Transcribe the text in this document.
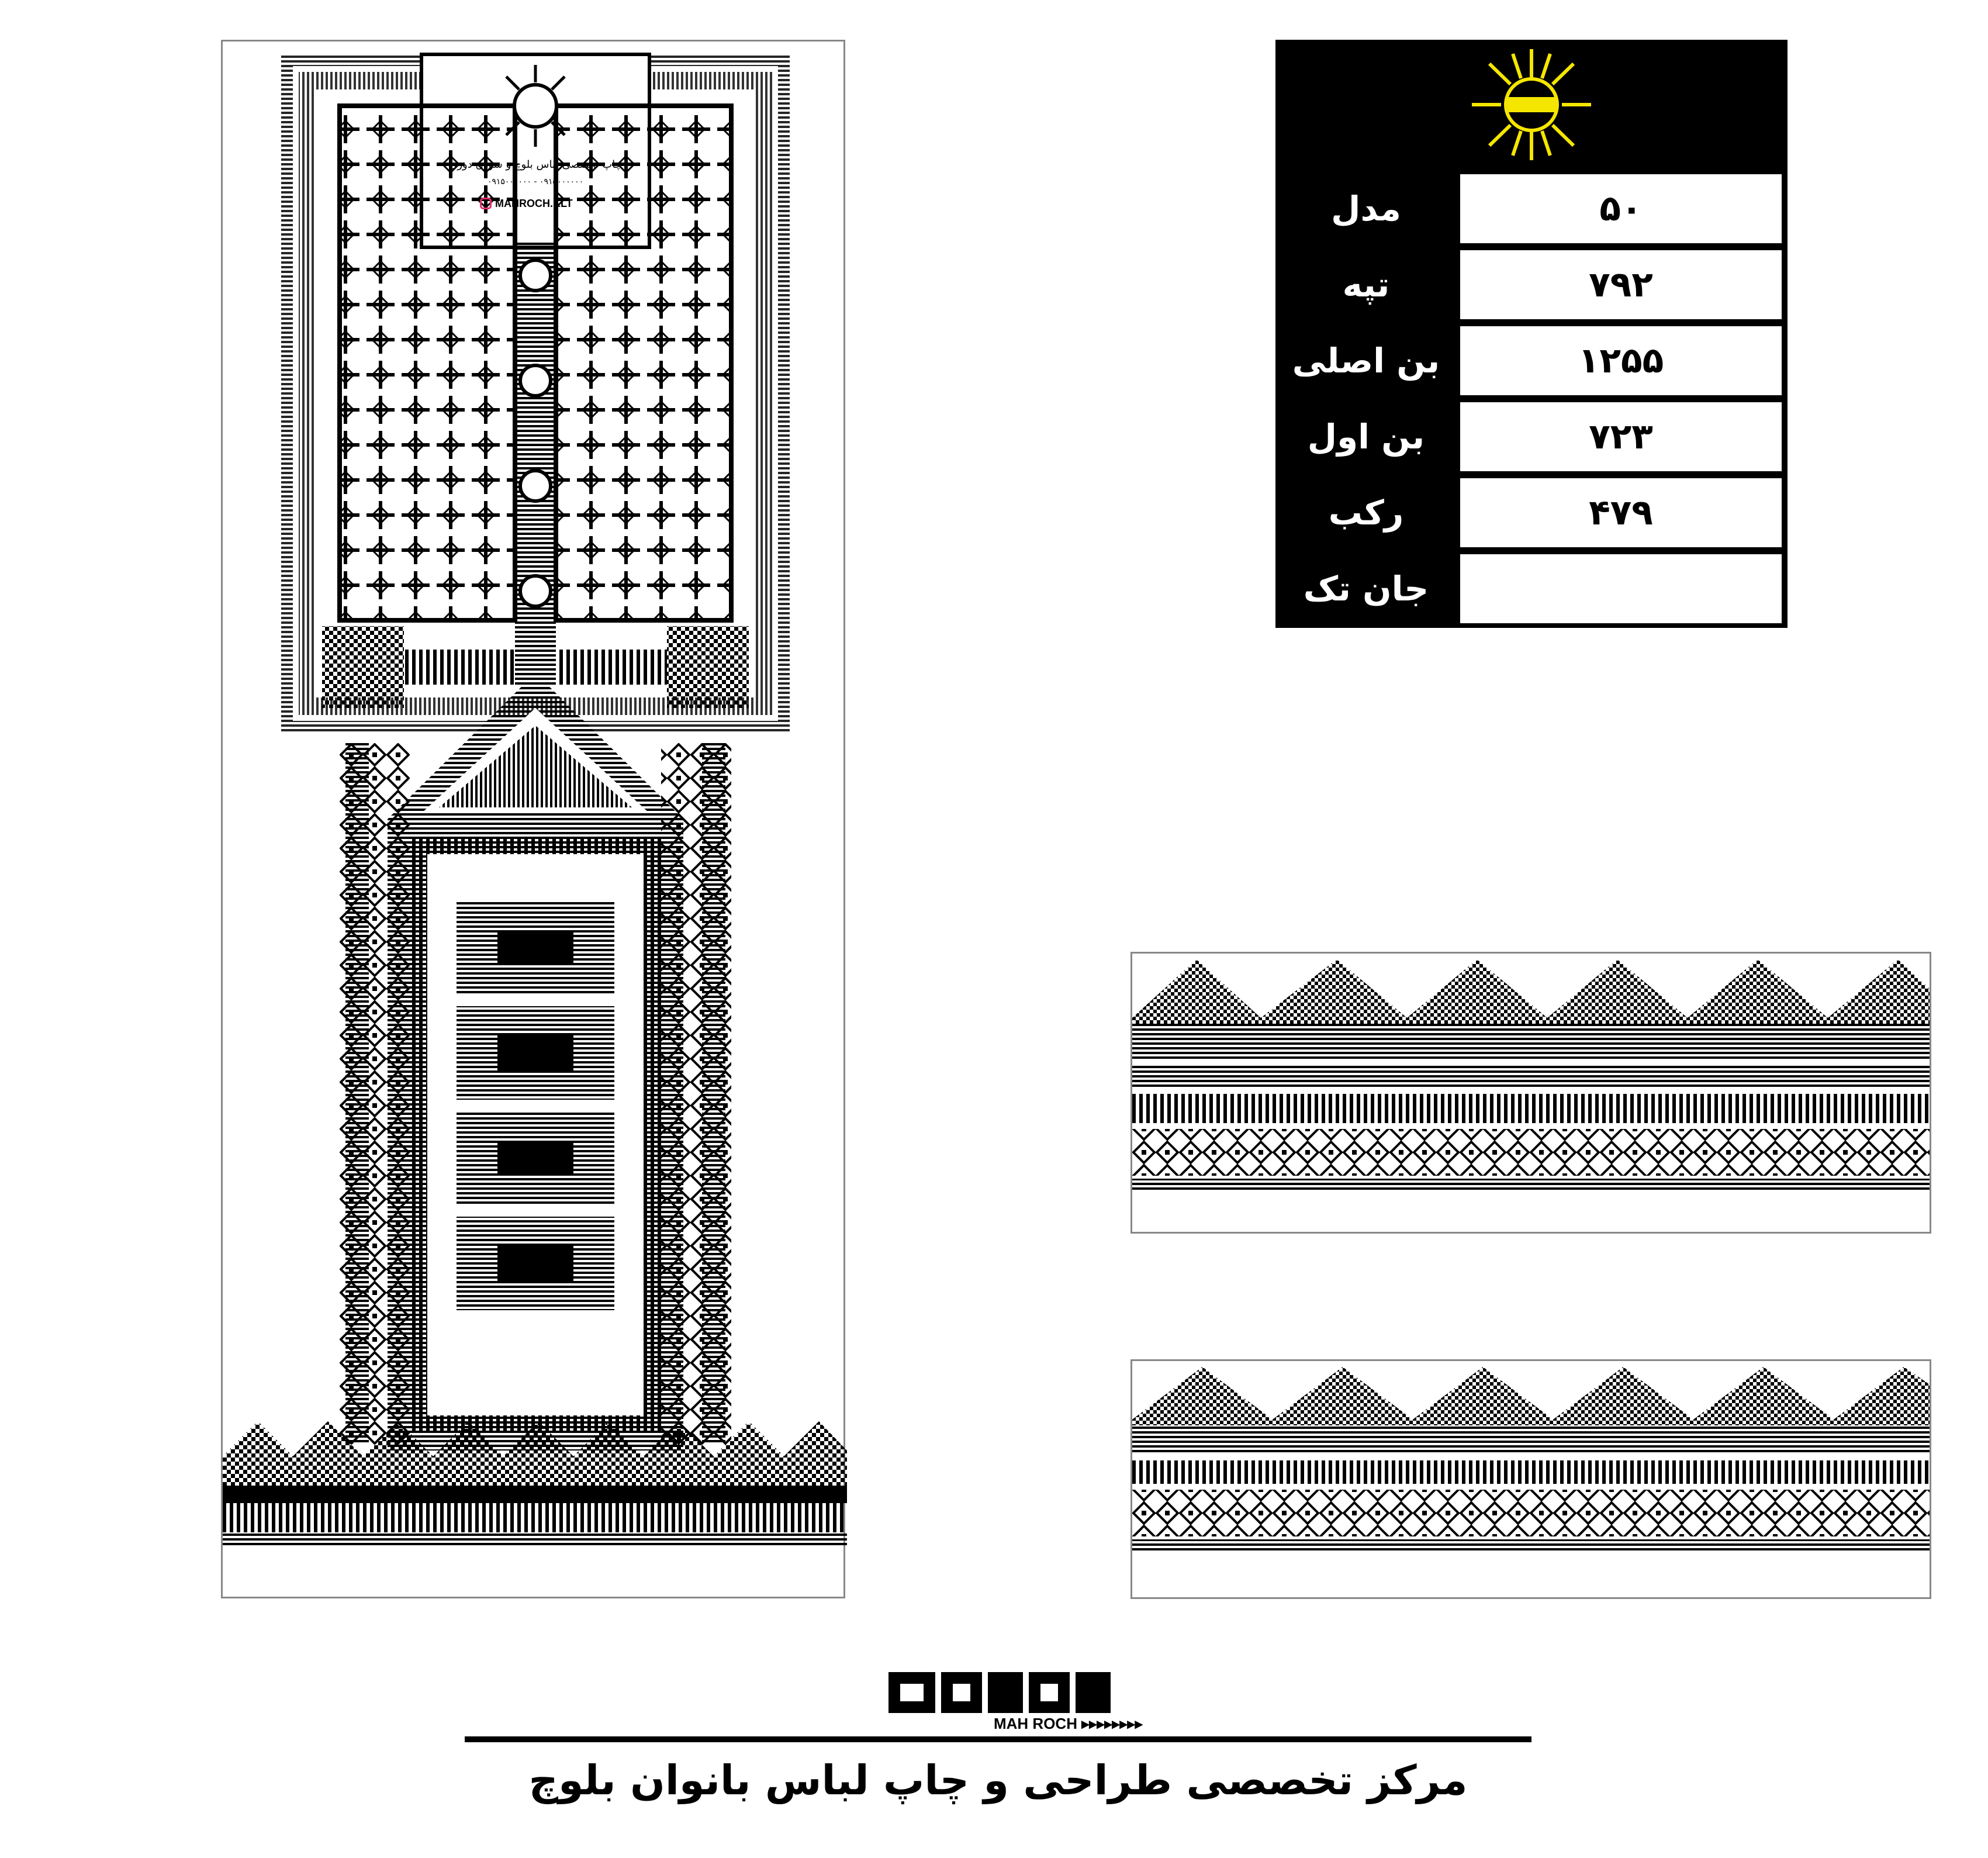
چاپ تخصصی لباس بلوچ و سوزن دوزی
۰۹۱۵۰۰۰۰۰۰ - ۰۹۱۵۰۰۰۰۰۰
MAHROCH.KLT	مدل	۵۰
تپه	۷۹۲
بن اصلی	۱۲۵۵
بن اول	۷۲۳
رکب	۴۷۹
جان تک
MAH ROCH ▸▸▸▸▸▸▸▸
مرکز تخصصی طراحی و چاپ لباس بانوان بلوچ
